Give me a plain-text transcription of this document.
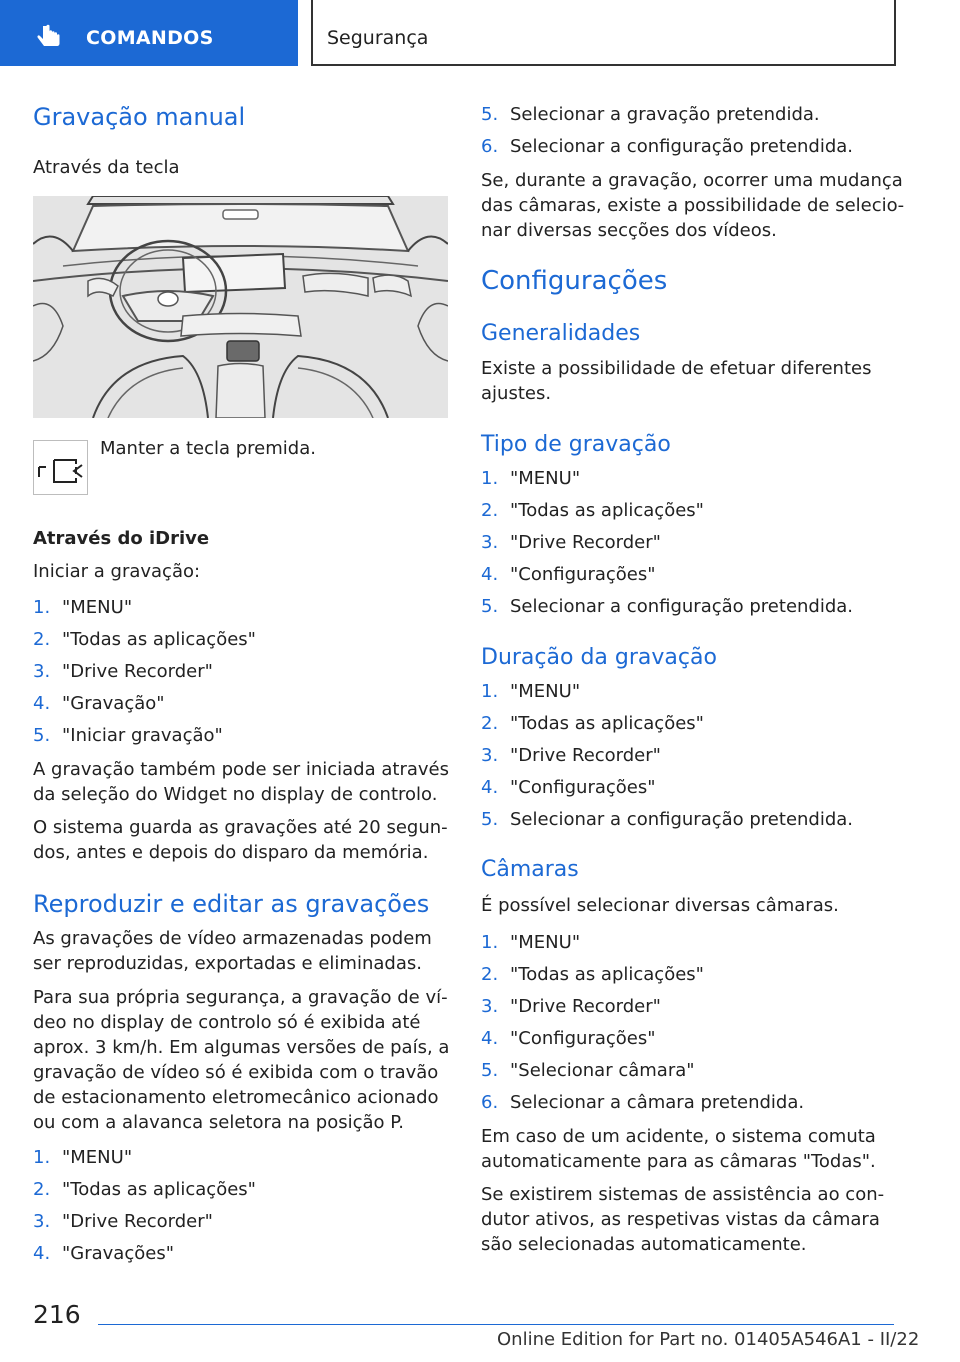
COMANDOS	Segurança
Gravação manual
Através da tecla
Manter a tecla premida.
Através do iDrive
Iniciar a gravação:
1. "MENU"
2. "Todas as aplicações"
3. "Drive Recorder"
4. "Gravação"
5. "Iniciar gravação"
A gravação também pode ser iniciada através
da seleção do Widget no display de controlo.
O sistema guarda as gravações até 20 segun‐
dos, antes e depois do disparo da memória.
Reproduzir e editar as gravações
As gravações de vídeo armazenadas podem
ser reproduzidas, exportadas e eliminadas.
Para sua própria segurança, a gravação de ví‐
deo no display de controlo só é exibida até
aprox. 3 km/h. Em algumas versões de país, a
gravação de vídeo só é exibida com o travão
de estacionamento eletromecânico acionado
ou com a alavanca seletora na posição P.
1. "MENU"
2. "Todas as aplicações"
3. "Drive Recorder"
4. "Gravações"
5. Selecionar a gravação pretendida.
6. Selecionar a configuração pretendida.
Se, durante a gravação, ocorrer uma mudança
das câmaras, existe a possibilidade de selecio‐
nar diversas secções dos vídeos.
Configurações
Generalidades
Existe a possibilidade de efetuar diferentes
ajustes.
Tipo de gravação
1. "MENU"
2. "Todas as aplicações"
3. "Drive Recorder"
4. "Configurações"
5. Selecionar a configuração pretendida.
Duração da gravação
1. "MENU"
2. "Todas as aplicações"
3. "Drive Recorder"
4. "Configurações"
5. Selecionar a configuração pretendida.
Câmaras
É possível selecionar diversas câmaras.
1. "MENU"
2. "Todas as aplicações"
3. "Drive Recorder"
4. "Configurações"
5. "Selecionar câmara"
6. Selecionar a câmara pretendida.
Em caso de um acidente, o sistema comuta
automaticamente para as câmaras "Todas".
Se existirem sistemas de assistência ao con‐
dutor ativos, as respetivas vistas da câmara
são selecionadas automaticamente.
216
Online Edition for Part no. 01405A546A1 - II/22
